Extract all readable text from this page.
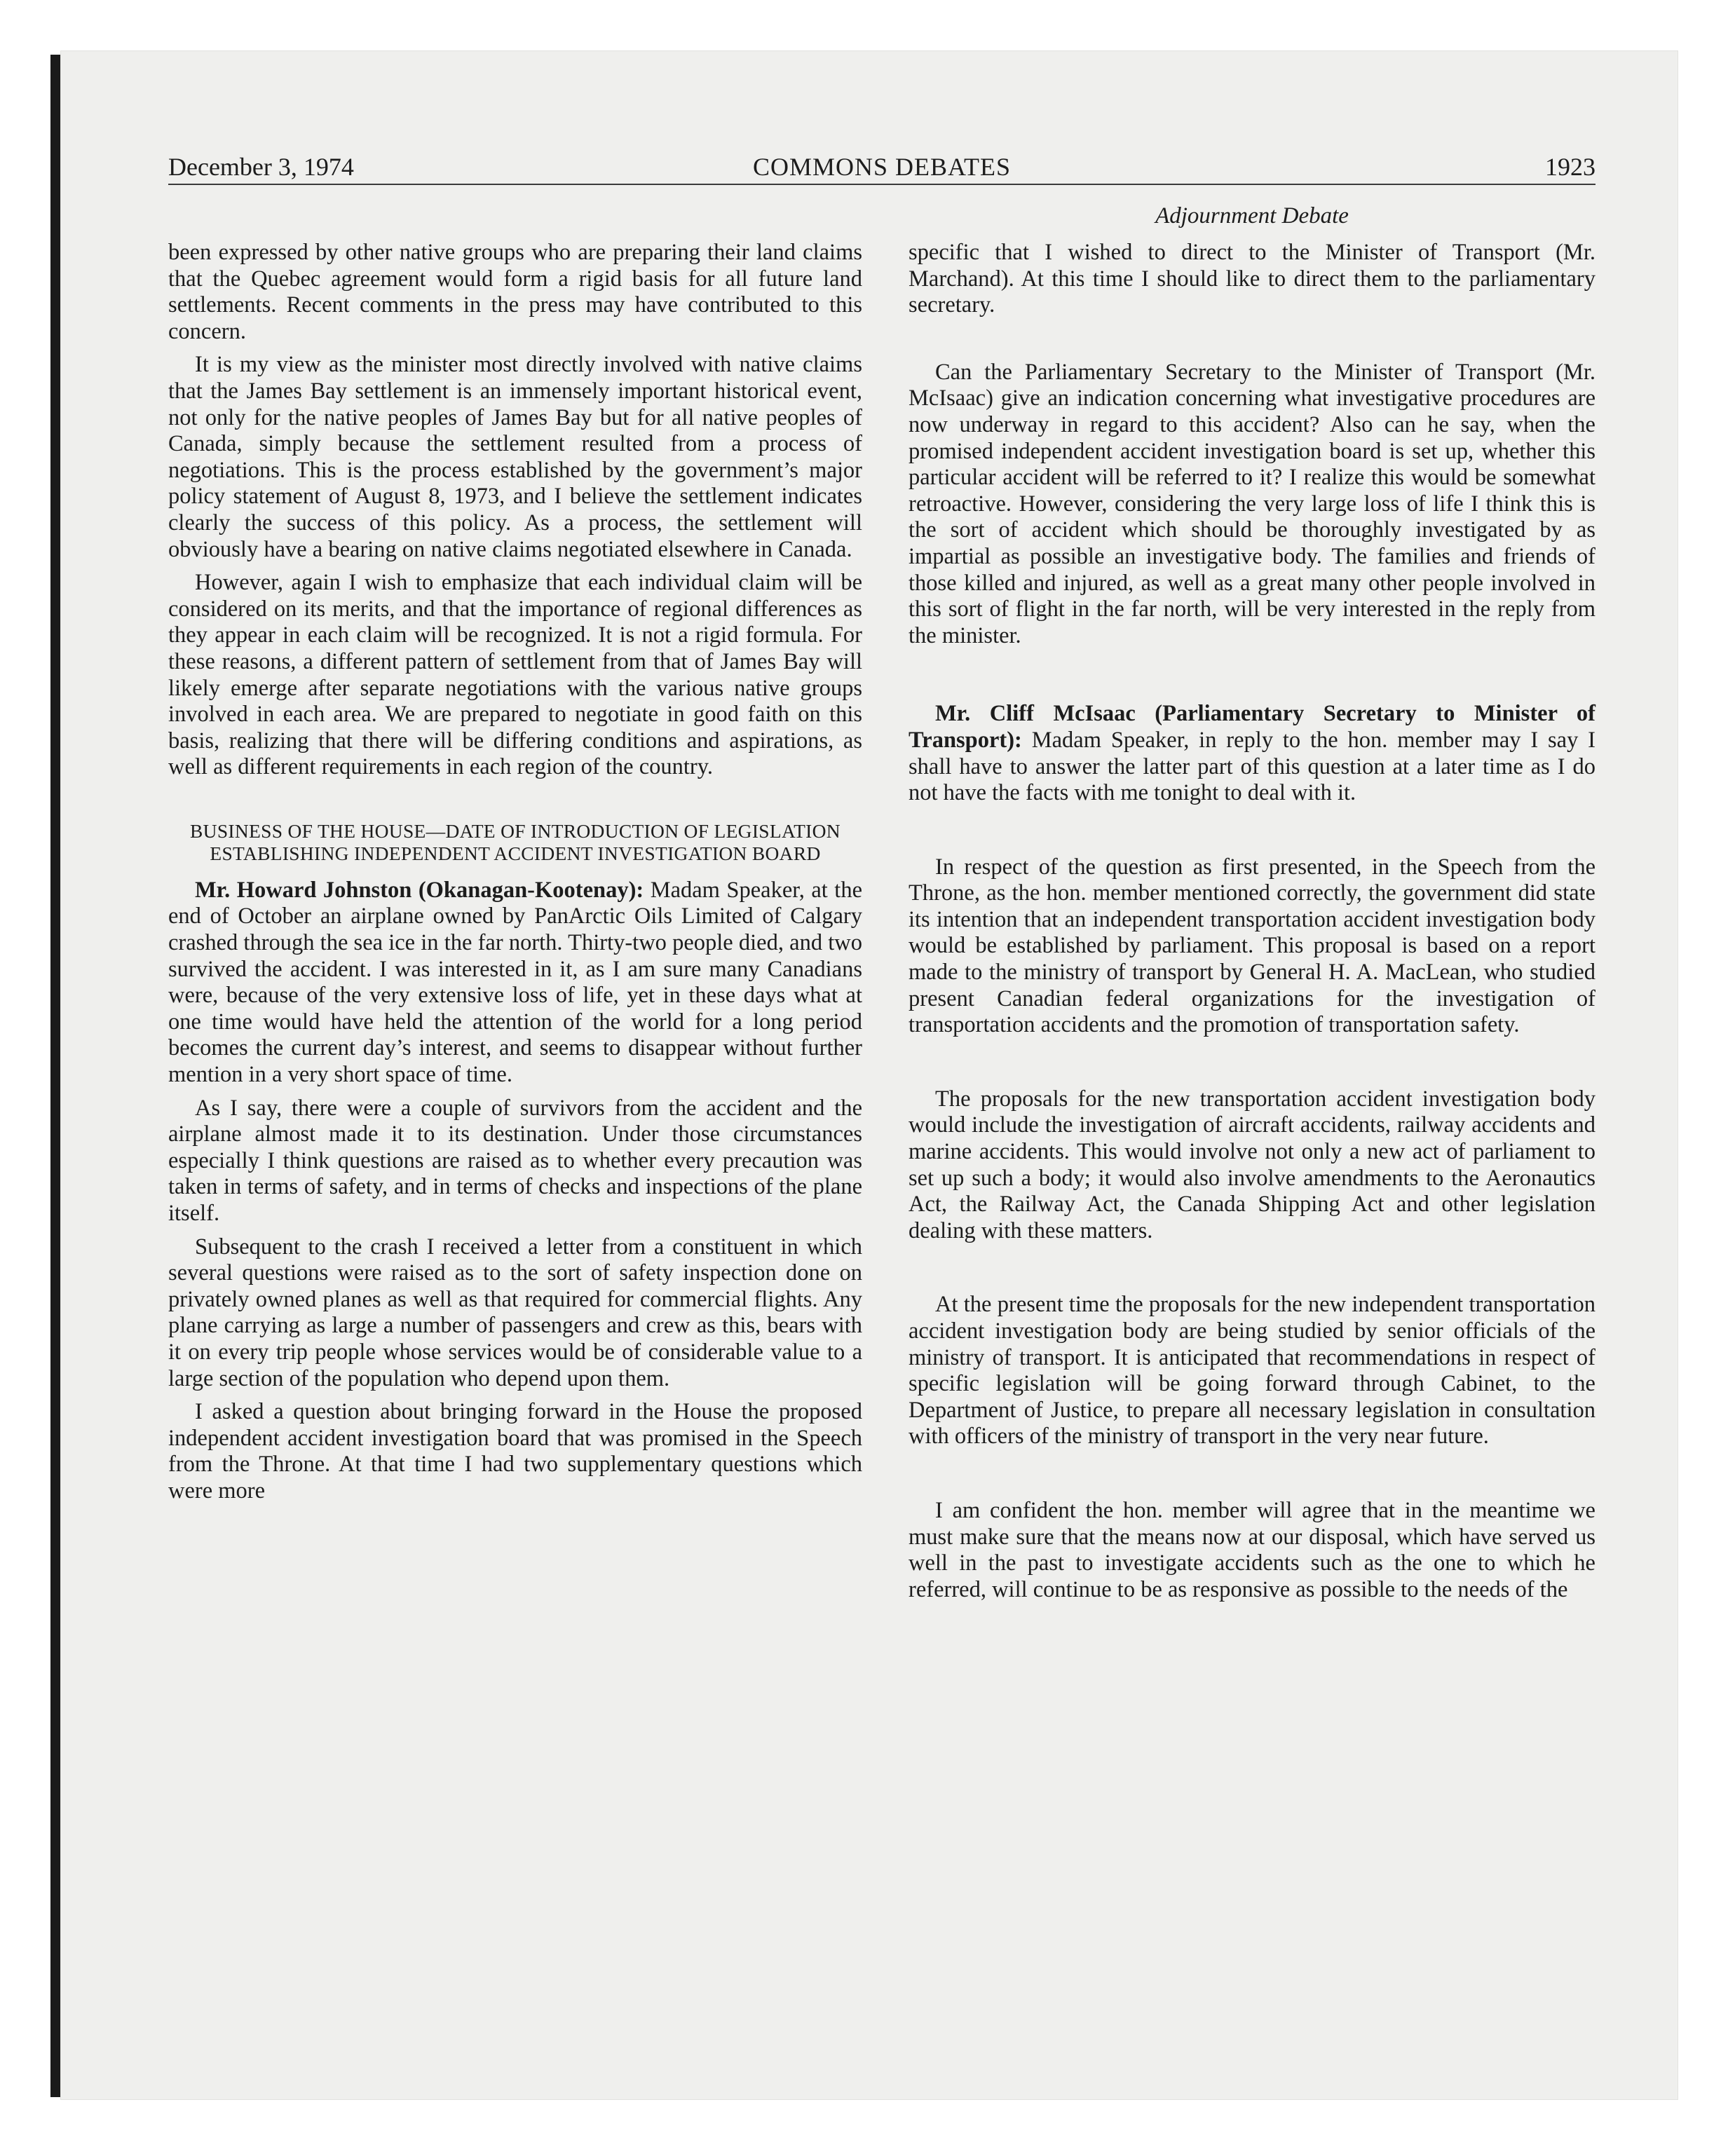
December 3, 1974	COMMONS DEBATES	1923
Adjournment Debate

been expressed by other native groups who are preparing their land claims that the Quebec agreement would form a rigid basis for all future land settlements. Recent comments in the press may have contributed to this concern.

It is my view as the minister most directly involved with native claims that the James Bay settlement is an immensely important historical event, not only for the native peoples of James Bay but for all native peoples of Canada, simply because the settlement resulted from a process of negotiations. This is the process established by the government’s major policy statement of August 8, 1973, and I believe the settlement indicates clearly the success of this policy. As a process, the settlement will obviously have a bearing on native claims negotiated elsewhere in Canada.

However, again I wish to emphasize that each individual claim will be considered on its merits, and that the importance of regional differences as they appear in each claim will be recognized. It is not a rigid formula. For these reasons, a different pattern of settlement from that of James Bay will likely emerge after separate negotiations with the various native groups involved in each area. We are prepared to negotiate in good faith on this basis, realizing that there will be differing conditions and aspirations, as well as different requirements in each region of the country.

BUSINESS OF THE HOUSE—DATE OF INTRODUCTION OF LEGISLATION ESTABLISHING INDEPENDENT ACCIDENT INVESTIGATION BOARD

Mr. Howard Johnston (Okanagan-Kootenay): Madam Speaker, at the end of October an airplane owned by PanArctic Oils Limited of Calgary crashed through the sea ice in the far north. Thirty-two people died, and two survived the accident. I was interested in it, as I am sure many Canadians were, because of the very extensive loss of life, yet in these days what at one time would have held the attention of the world for a long period becomes the current day’s interest, and seems to disappear without further mention in a very short space of time.

As I say, there were a couple of survivors from the accident and the airplane almost made it to its destination. Under those circumstances especially I think questions are raised as to whether every precaution was taken in terms of safety, and in terms of checks and inspections of the plane itself.

Subsequent to the crash I received a letter from a constituent in which several questions were raised as to the sort of safety inspection done on privately owned planes as well as that required for commercial flights. Any plane carrying as large a number of passengers and crew as this, bears with it on every trip people whose services would be of considerable value to a large section of the population who depend upon them.

I asked a question about bringing forward in the House the proposed independent accident investigation board that was promised in the Speech from the Throne. At that time I had two supplementary questions which were more

specific that I wished to direct to the Minister of Transport (Mr. Marchand). At this time I should like to direct them to the parliamentary secretary.

Can the Parliamentary Secretary to the Minister of Transport (Mr. McIsaac) give an indication concerning what investigative procedures are now underway in regard to this accident? Also can he say, when the promised independent accident investigation board is set up, whether this particular accident will be referred to it? I realize this would be somewhat retroactive. However, considering the very large loss of life I think this is the sort of accident which should be thoroughly investigated by as impartial as possible an investigative body. The families and friends of those killed and injured, as well as a great many other people involved in this sort of flight in the far north, will be very interested in the reply from the minister.

Mr. Cliff McIsaac (Parliamentary Secretary to Minister of Transport): Madam Speaker, in reply to the hon. member may I say I shall have to answer the latter part of this question at a later time as I do not have the facts with me tonight to deal with it.

In respect of the question as first presented, in the Speech from the Throne, as the hon. member mentioned correctly, the government did state its intention that an independent transportation accident investigation body would be established by parliament. This proposal is based on a report made to the ministry of transport by General H. A. MacLean, who studied present Canadian federal organizations for the investigation of transportation accidents and the promotion of transportation safety.

The proposals for the new transportation accident investigation body would include the investigation of aircraft accidents, railway accidents and marine accidents. This would involve not only a new act of parliament to set up such a body; it would also involve amendments to the Aeronautics Act, the Railway Act, the Canada Shipping Act and other legislation dealing with these matters.

At the present time the proposals for the new independent transportation accident investigation body are being studied by senior officials of the ministry of transport. It is anticipated that recommendations in respect of specific legislation will be going forward through Cabinet, to the Department of Justice, to prepare all necessary legislation in consultation with officers of the ministry of transport in the very near future.

I am confident the hon. member will agree that in the meantime we must make sure that the means now at our disposal, which have served us well in the past to investigate accidents such as the one to which he referred, will continue to be as responsive as possible to the needs of the
